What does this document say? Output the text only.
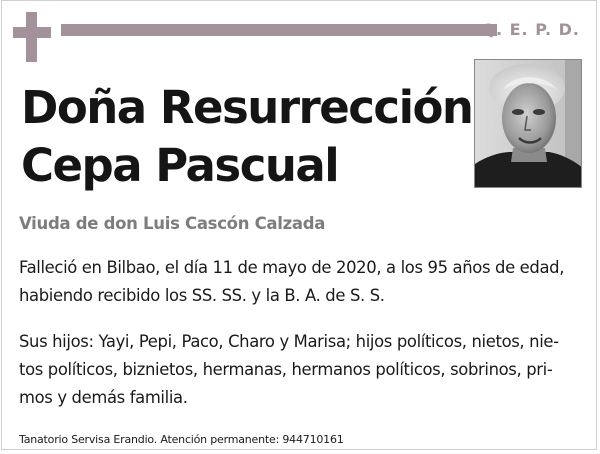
Q. E. P. D.
Doña Resurrección
Cepa Pascual
Viuda de don Luis Cascón Calzada
Falleció en Bilbao, el día 11 de mayo de 2020, a los 95 años de edad,
habiendo recibido los SS. SS. y la B. A. de S. S.
Sus hijos: Yayi, Pepi, Paco, Charo y Marisa; hijos políticos, nietos, nie-
tos políticos, biznietos, hermanas, hermanos políticos, sobrinos, pri-
mos y demás familia.
Tanatorio Servisa Erandio. Atención permanente: 944710161
